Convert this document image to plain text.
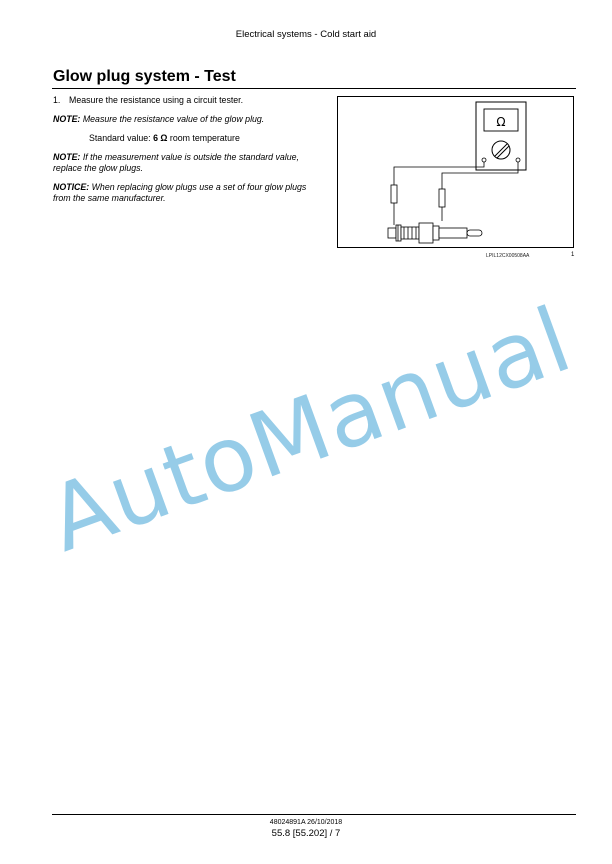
Electrical systems - Cold start aid
Glow plug system - Test

1. Measure the resistance using a circuit tester.

NOTE: Measure the resistance value of the glow plug.

Standard value: 6 Ω room temperature

NOTE: If the measurement value is outside the standard value, replace the glow plugs.

NOTICE: When replacing glow plugs use a set of four glow plugs from the same manufacturer.

Ω
LPIL12CX00508AA	1
AutoManual
48024891A 26/10/2018
55.8 [55.202] / 7
